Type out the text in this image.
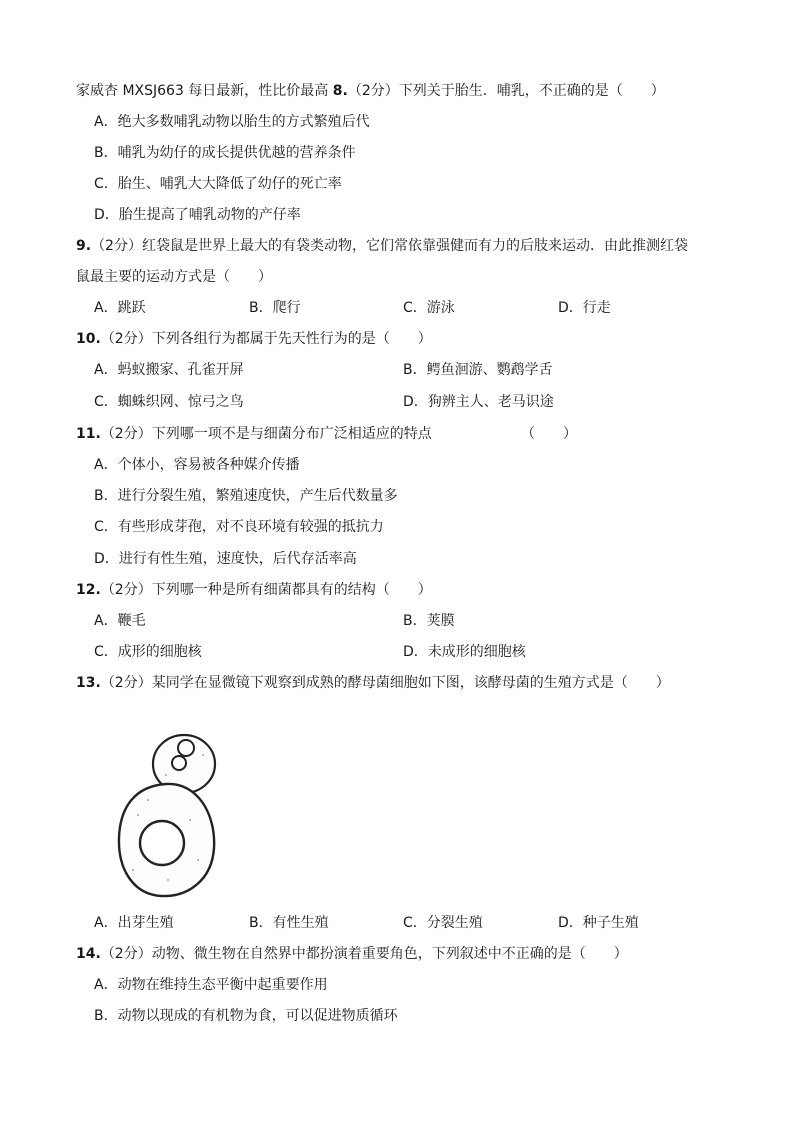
家威杏 MXSJ663 每日最新，性比价最高 8.（2分）下列关于胎生．哺乳，不正确的是（　　）
A．绝大多数哺乳动物以胎生的方式繁殖后代
B．哺乳为幼仔的成长提供优越的营养条件
C．胎生、哺乳大大降低了幼仔的死亡率
D．胎生提高了哺乳动物的产仔率
9.（2分）红袋鼠是世界上最大的有袋类动物，它们常依靠强健而有力的后肢来运动．由此推测红袋
鼠最主要的运动方式是（　　）
A．跳跃	B．爬行	C．游泳	D．行走
10.（2分）下列各组行为都属于先天性行为的是（　　）
A．蚂蚁搬家、孔雀开屏	B．鳄鱼洄游、鹦鹉学舌
C．蜘蛛织网、惊弓之鸟	D．狗辨主人、老马识途
11.（2分）下列哪一项不是与细菌分布广泛相适应的特点	（　　）
A．个体小，容易被各种媒介传播
B．进行分裂生殖，繁殖速度快，产生后代数量多
C．有些形成芽孢，对不良环境有较强的抵抗力
D．进行有性生殖，速度快，后代存活率高
12.（2分）下列哪一种是所有细菌都具有的结构（　　）
A．鞭毛	B．荚膜
C．成形的细胞核	D．未成形的细胞核
13.（2分）某同学在显微镜下观察到成熟的酵母菌细胞如下图，该酵母菌的生殖方式是（　　）
A．出芽生殖	B．有性生殖	C．分裂生殖	D．种子生殖
14.（2分）动物、微生物在自然界中都扮演着重要角色，下列叙述中不正确的是（　　）
A．动物在维持生态平衡中起重要作用
B．动物以现成的有机物为食，可以促进物质循环
